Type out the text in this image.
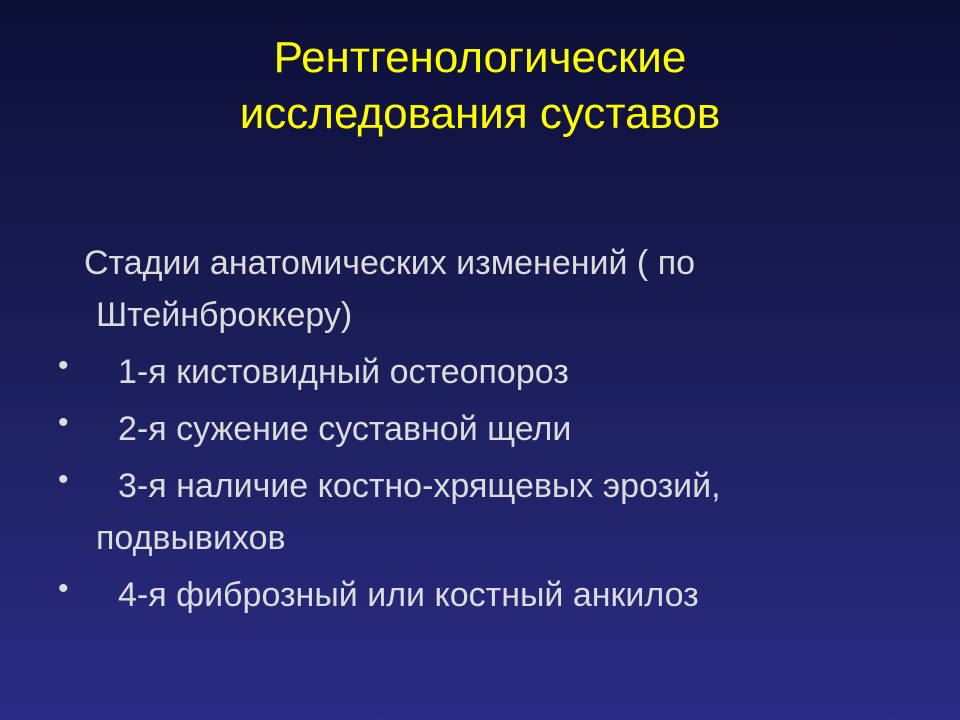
Рентгенологические
исследования суставов

Стадии анатомических изменений ( по
Штейнброккеру)

• 1-я кистовидный остеопороз
• 2-я сужение суставной щели
• 3-я наличие костно-хрящевых эрозий,
подвывихов
• 4-я фиброзный или костный анкилоз
